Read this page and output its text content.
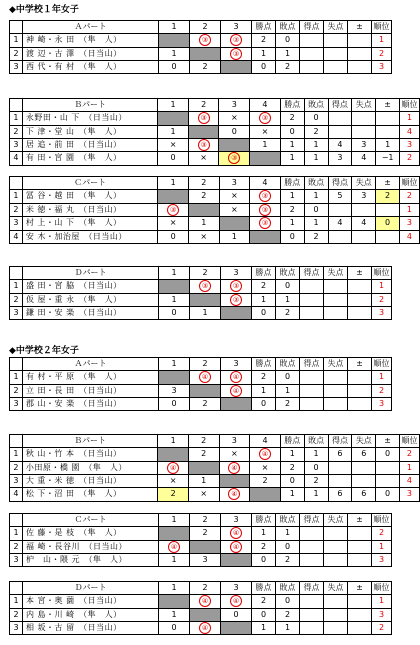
◆中学校１年女子
	Ａパート	1	2	3	勝点	敗点	得点	失点	±	順位
1	神 崎・永 田　（隼　人）		③	③	2	0				1
2	渡 辺・古 澤　（日当山）	1		③	1	1				2
3	西 代・有 村　（隼　人）	0	2		0	2				3
	Ｂパート	1	2	3	4	勝点	敗点	得点	失点	±	順位
1	永野田・山 下　（日当山）		③	×	③	2	0				1
2	下 津・堂 山　（隼　人）	1		0	×	0	2				4
3	居 追・前 田　（日当山）	×	③		1	1	1	4	3	1	3
4	有 田・宮 園　（隼　人）	0	×	③		1	1	3	4	−1	2
	Ｃパート	1	2	3	4	勝点	敗点	得点	失点	±	順位
1	冨 谷・越 田　（隼　人）		2	×	③	1	1	5	3	2	2
2	米 徳・福 丸　（日当山）	③		×	③	2	0				1
3	村 上・山 下　（隼　人）	×	1		③	1	1	4	4	0	3
4	安 木・加治屋　（日当山）	0	×	1		0	2				4
	Ｄパート	1	2	3	勝点	敗点	得点	失点	±	順位
1	盛 田・宮 脇　（日当山）		③	③	2	0				1
2	仮 屋・重 永　（隼　人）	1		③	1	1				2
3	鎌 田・安 楽　（日当山）	0	1		0	2				3
◆中学校２年女子
	Ａパート	1	2	3	勝点	敗点	得点	失点	±	順位
1	有 村・平 原　（隼　人）		④	④	2	0				1
2	立 田・長 田　（日当山）	3		④	1	1				2
3	郡 山・安 楽　（日当山）	0	2		0	2				3
	Ｂパート	1	2	3	4	勝点	敗点	得点	失点	±	順位
1	秋 山・竹 本　（日当山）		2	×	④	1	1	6	6	0	2
2	小田原・橋 園　（隼　人）	④		④	×	2	0				1
3	大 重・米 徳　（日当山）	×	1		2	0	2				4
4	松 下・沼 田　（隼　人）	2	×	④		1	1	6	6	0	3
	Ｃパート	1	2	3	勝点	敗点	得点	失点	±	順位
1	佐 藤・是 枝　（隼　人）		2	④	1	1				2
2	福 崎・長谷川　（日当山）	④		④	2	0				1
3	枦　山・隈 元　（隼　人）	1	3		0	2				3
	Ｄパート	1	2	3	勝点	敗点	得点	失点	±	順位
1	本 宮・奥 薗　（日当山）		④	④	2	0				1
2	内 島・川 崎　（隼　人）	1		0	0	2				3
3	相 坂・古 留　（日当山）	0	④		1	1				2
